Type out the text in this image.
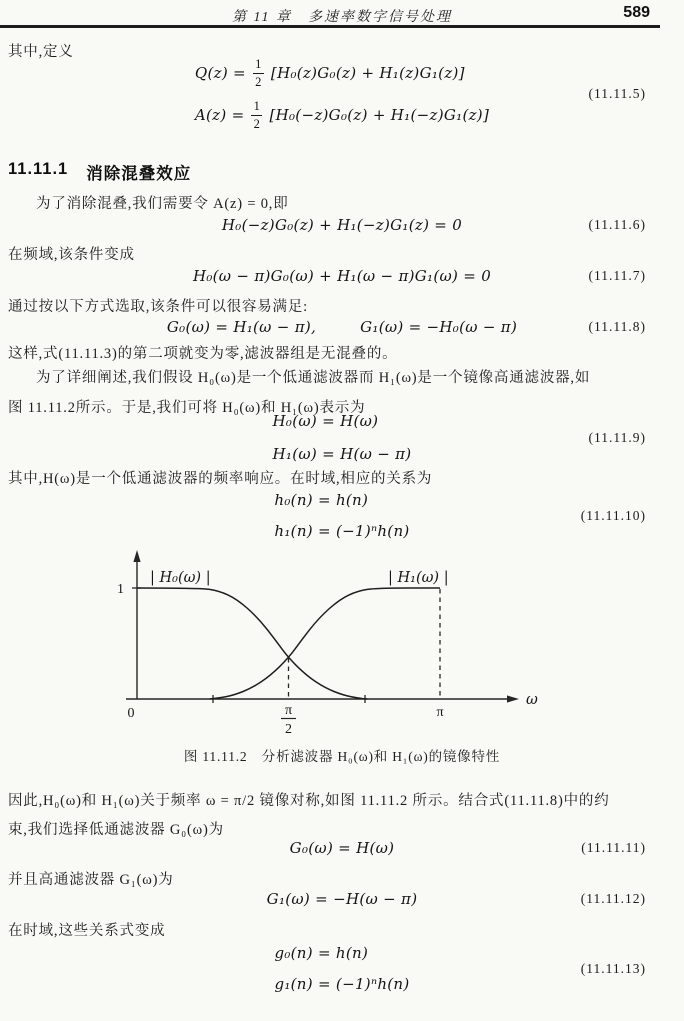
第 11 章　多速率数字信号处理	589
其中,定义
$Q(z) = \frac{1}{2} [H_0(z)G_0(z) + H_1(z)G_1(z)]$
$A(z) = \frac{1}{2} [H_0(-z)G_0(z) + H_1(-z)G_1(z)]$
(11.11.5)
11.11.1 消除混叠效应
为了消除混叠,我们需要令 A(z) = 0,即
H₀(−z)G₀(z) + H₁(−z)G₁(z) = 0	(11.11.6)
在频域,该条件变成
H₀(ω − π)G₀(ω) + H₁(ω − π)G₁(ω) = 0	(11.11.7)
通过按以下方式选取,该条件可以很容易满足:
G₀(ω) = H₁(ω − π),	G₁(ω) = −H₀(ω − π)	(11.11.8)
这样,式(11.11.3)的第二项就变为零,滤波器组是无混叠的。
为了详细阐述,我们假设 H₀(ω)是一个低通滤波器而 H₁(ω)是一个镜像高通滤波器,如
图 11.11.2所示。于是,我们可将 H₀(ω)和 H₁(ω)表示为
H₀(ω) = H(ω)
H₁(ω) = H(ω − π)
(11.11.9)
其中,H(ω)是一个低通滤波器的频率响应。在时域,相应的关系为
h₀(n) = h(n)
h₁(n) = (−1)ⁿh(n)
(11.11.10)
| H₀(ω) |	| H₁(ω) |
1
0	π
2
π
ω
图 11.11.2　分析滤波器 H₀(ω)和 H₁(ω)的镜像特性
因此,H₀(ω)和 H₁(ω)关于频率 ω = π/2 镜像对称,如图 11.11.2 所示。结合式(11.11.8)中的约
束,我们选择低通滤波器 G₀(ω)为
G₀(ω) = H(ω)	(11.11.11)
并且高通滤波器 G₁(ω)为
G₁(ω) = −H(ω − π)	(11.11.12)
在时域,这些关系式变成
g₀(n) = h(n)
g₁(n) = (−1)ⁿh(n)
(11.11.13)
